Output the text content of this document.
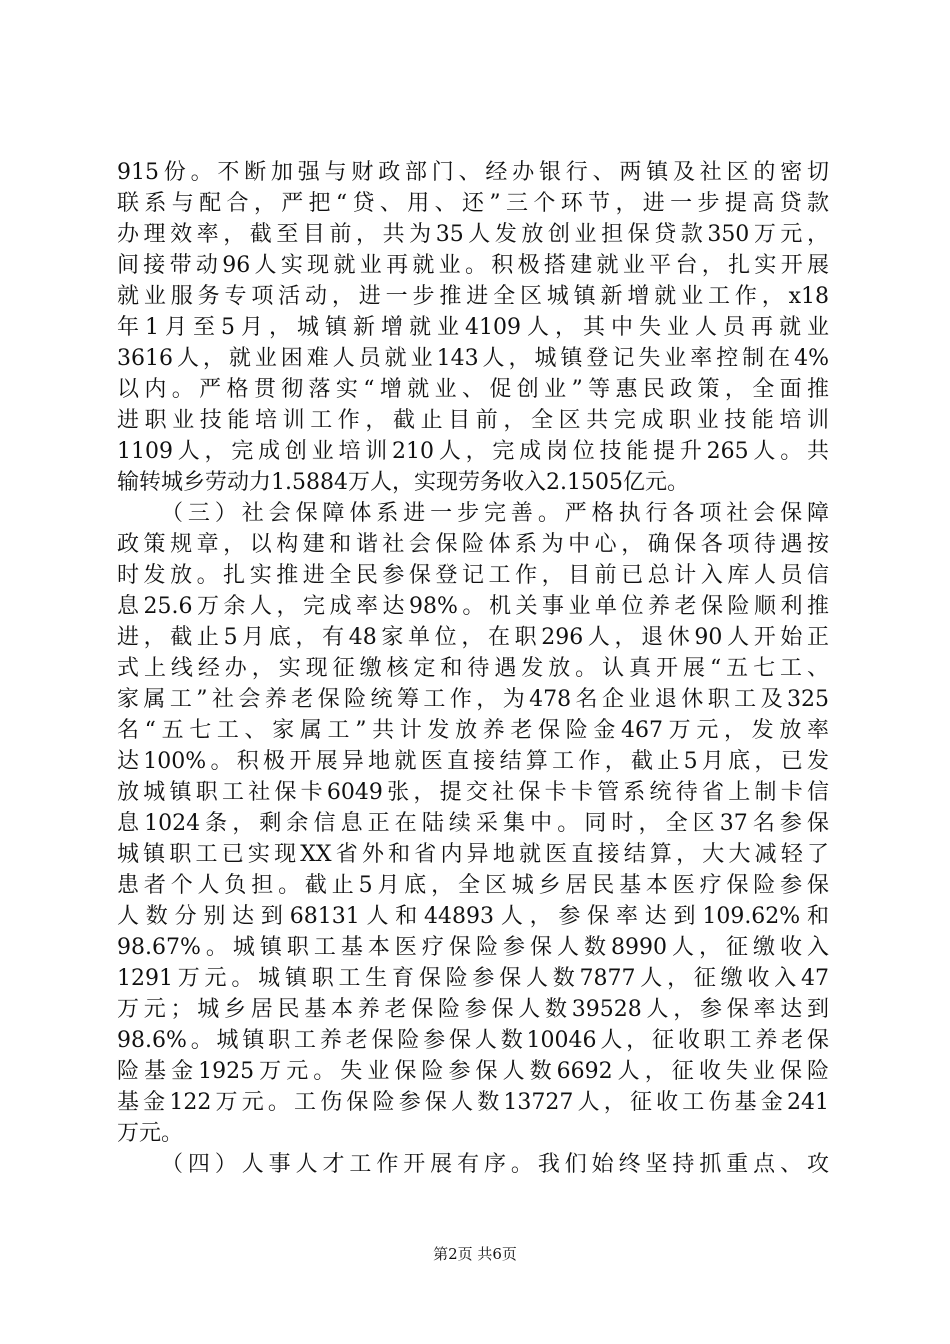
915份。不断加强与财政部门、经办银行、两镇及社区的密切
联系与配合，严把“贷、用、还”三个环节，进一步提高贷款
办理效率，截至目前，共为35人发放创业担保贷款350万元，
间接带动96人实现就业再就业。积极搭建就业平台，扎实开展
就业服务专项活动，进一步推进全区城镇新增就业工作，x18
年1月至5月，城镇新增就业4109人，其中失业人员再就业
3616人，就业困难人员就业143人，城镇登记失业率控制在4%
以内。严格贯彻落实“增就业、促创业”等惠民政策，全面推
进职业技能培训工作，截止目前，全区共完成职业技能培训
1109人，完成创业培训210人，完成岗位技能提升265人。共
输转城乡劳动力1.5884万人，实现劳务收入2.1505亿元。
（三）社会保障体系进一步完善。严格执行各项社会保障
政策规章，以构建和谐社会保险体系为中心，确保各项待遇按
时发放。扎实推进全民参保登记工作，目前已总计入库人员信
息25.6万余人，完成率达98%。机关事业单位养老保险顺利推
进，截止5月底，有48家单位，在职296人，退休90人开始正
式上线经办，实现征缴核定和待遇发放。认真开展“五七工、
家属工”社会养老保险统筹工作，为478名企业退休职工及325
名“五七工、家属工”共计发放养老保险金467万元，发放率
达100%。积极开展异地就医直接结算工作，截止5月底，已发
放城镇职工社保卡6049张，提交社保卡卡管系统待省上制卡信
息1024条，剩余信息正在陆续采集中。同时，全区37名参保
城镇职工已实现XX省外和省内异地就医直接结算，大大减轻了
患者个人负担。截止5月底，全区城乡居民基本医疗保险参保
人数分别达到68131人和44893人，参保率达到109.62%和
98.67%。城镇职工基本医疗保险参保人数8990人，征缴收入
1291万元。城镇职工生育保险参保人数7877人，征缴收入47
万元；城乡居民基本养老保险参保人数39528人，参保率达到
98.6%。城镇职工养老保险参保人数10046人，征收职工养老保
险基金1925万元。失业保险参保人数6692人，征收失业保险
基金122万元。工伤保险参保人数13727人，征收工伤基金241
万元。
（四）人事人才工作开展有序。我们始终坚持抓重点、攻
第2页 共6页
